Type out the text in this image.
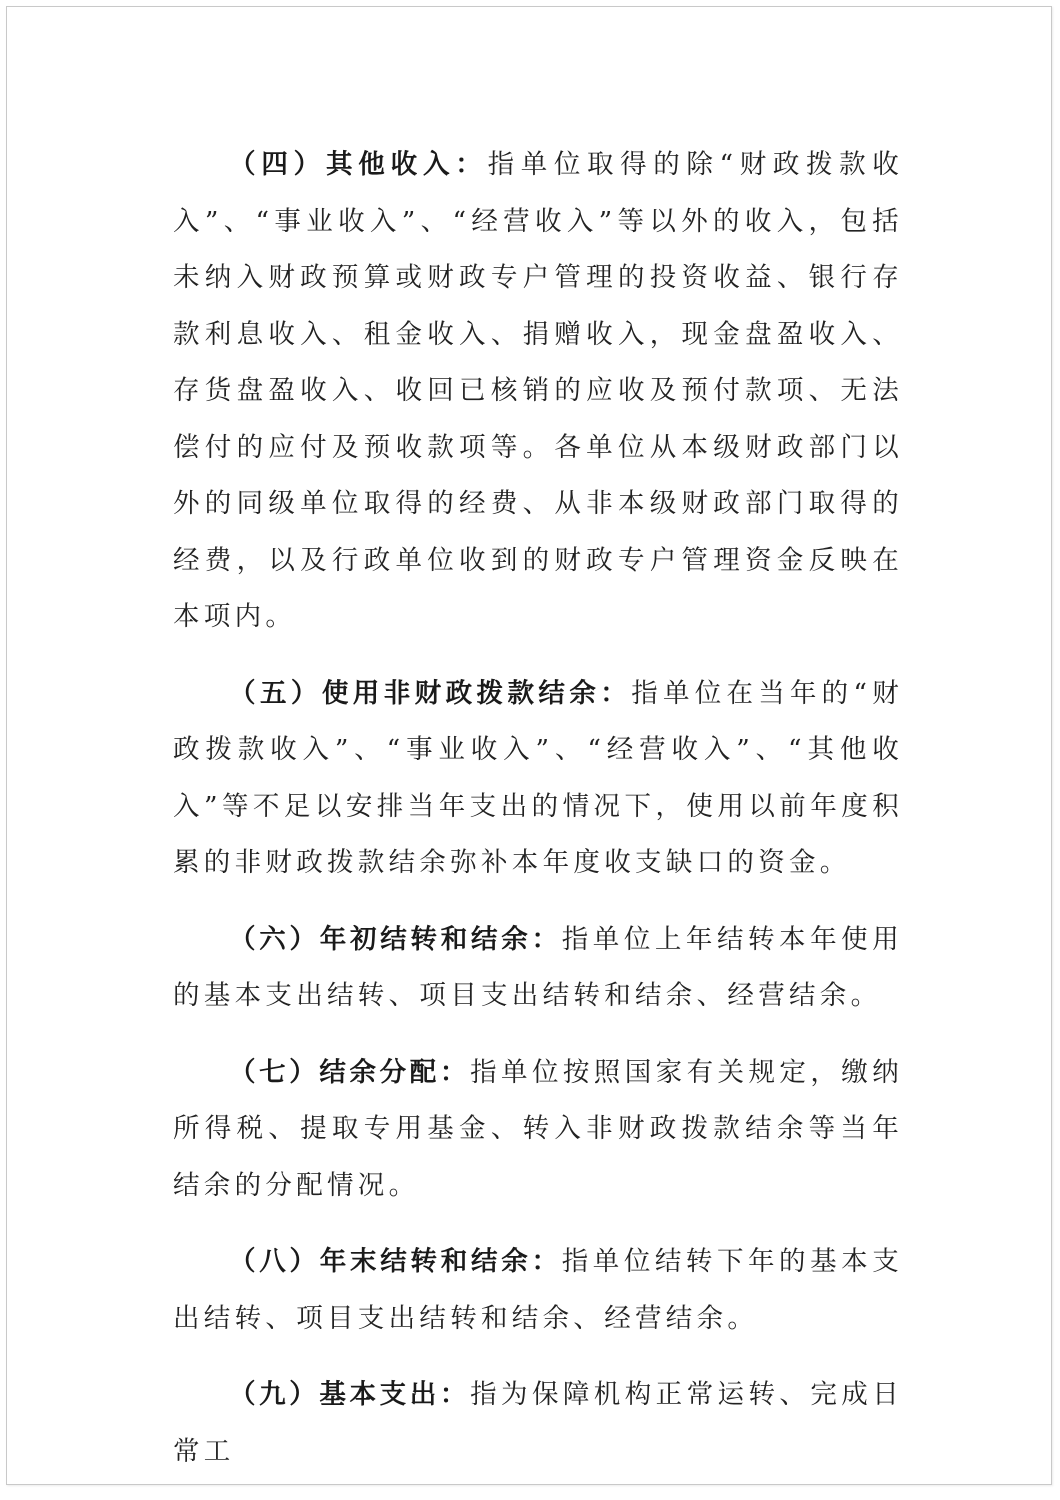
（四）其他收入：指单位取得的除“财政拨款收入”、“事业收入”、“经营收入”等以外的收入，包括未纳入财政预算或财政专户管理的投资收益、银行存款利息收入、租金收入、捐赠收入，现金盘盈收入、存货盘盈收入、收回已核销的应收及预付款项、无法偿付的应付及预收款项等。各单位从本级财政部门以外的同级单位取得的经费、从非本级财政部门取得的经费，以及行政单位收到的财政专户管理资金反映在本项内。

（五）使用非财政拨款结余：指单位在当年的“财政拨款收入”、“事业收入”、“经营收入”、“其他收入”等不足以安排当年支出的情况下，使用以前年度积累的非财政拨款结余弥补本年度收支缺口的资金。

（六）年初结转和结余：指单位上年结转本年使用的基本支出结转、项目支出结转和结余、经营结余。

（七）结余分配：指单位按照国家有关规定，缴纳所得税、提取专用基金、转入非财政拨款结余等当年结余的分配情况。

（八）年末结转和结余：指单位结转下年的基本支出结转、项目支出结转和结余、经营结余。

（九）基本支出：指为保障机构正常运转、完成日常工
